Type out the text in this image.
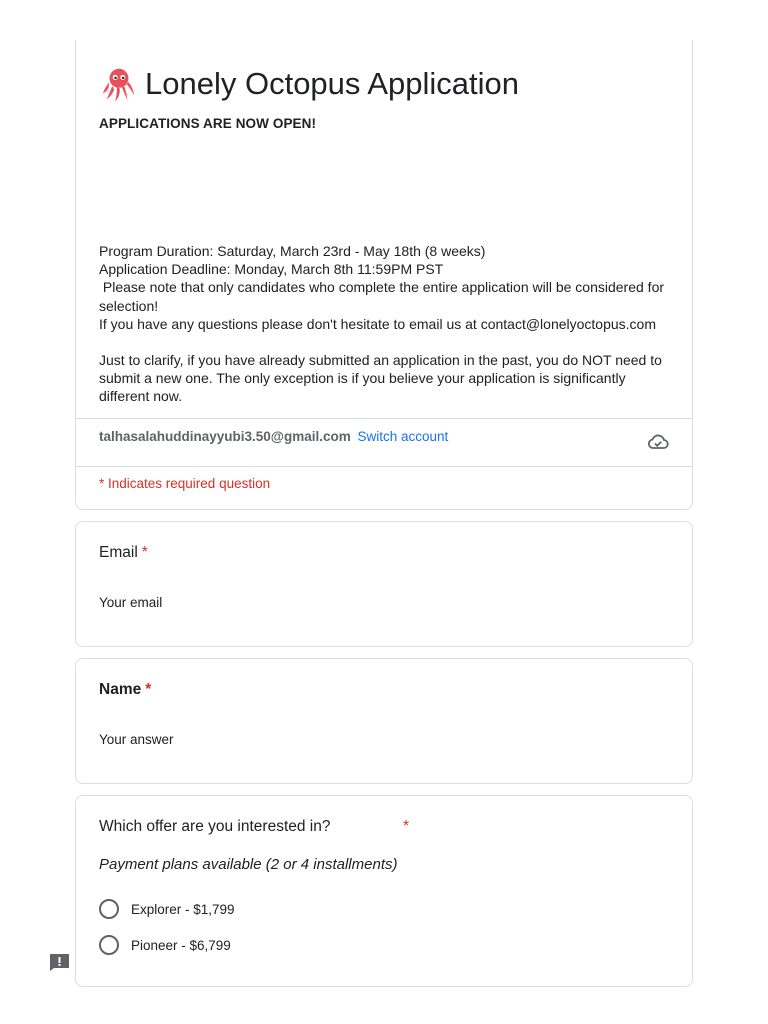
Lonely Octopus Application
APPLICATIONS ARE NOW OPEN!

Program Duration: Saturday, March 23rd - May 18th (8 weeks)

Application Deadline: Monday, March 8th 11:59PM PST

Please note that only candidates who complete the entire application will be considered for selection!

If you have any questions please don't hesitate to email us at contact@lonelyoctopus.com

Just to clarify, if you have already submitted an application in the past, you do NOT need to submit a new one. The only exception is if you believe your application is significantly different now.

talhasalahuddinayyubi3.50@gmail.com Switch account
* Indicates required question
Email *
Your email
Name *
Your answer
Which offer are you interested in?	*
Payment plans available (2 or 4 installments)
Explorer - $1,799
Pioneer - $6,799
